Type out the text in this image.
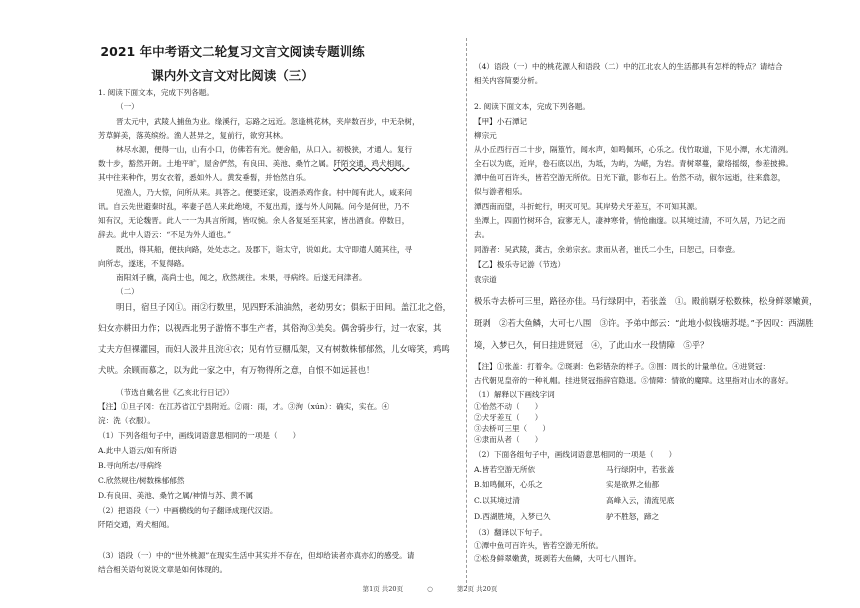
2021 年中考语文二轮复习文言文阅读专题训练
课内外文言文对比阅读（三）
1. 阅读下面文本，完成下列各题。
（一）
晋太元中，武陵人捕鱼为业。缘溪行，忘路之远近。忽逢桃花林，夹岸数百步，中无杂树，
芳草鲜美，落英缤纷。渔人甚异之，复前行，欲穷其林。
林尽水源，便得一山，山有小口，仿佛若有光。便舍船，从口入。初极狭，才通人。复行
数十步，豁然开朗。土地平旷，屋舍俨然，有良田、美池、桑竹之属。阡陌交通，鸡犬相闻。
其中往来种作，男女衣着，悉如外人。黄发垂髫，并怡然自乐。
见渔人，乃大惊，问所从来。具答之。便要还家，设酒杀鸡作食。村中闻有此人，咸来问
讯。自云先世避秦时乱，率妻子邑人来此绝境，不复出焉，遂与外人间隔。问今是何世，乃不
知有汉，无论魏晋。此人一一为具言所闻，皆叹惋。余人各复延至其家，皆出酒食。停数日，
辞去。此中人语云：“不足为外人道也。”
既出，得其船，便扶向路，处处志之。及郡下，诣太守，说如此。太守即遣人随其往，寻
向所志，遂迷，不复得路。
南阳刘子骥，高尚士也，闻之，欣然规往。未果，寻病终。后遂无问津者。
（二）
明日，宿旦子冈①。雨②行数里，见四野禾油油然，老幼男女；俱耘于田间。盖江北之俗，
妇女亦耕田力作；以视西北男子游惰不事生产者，其俗洵③美矣。偶舍骑步行，过一农家，其
丈夫方但裸灌园，而妇人汲井且浣④衣；见有竹豆棚瓜架，又有树数株郁郁然，儿女啼笑，鸡鸣
犬吠。余顾而慕之，以为此一家之中，有万物得所之意，自恨不如远甚也！
（节选自戴名世《乙亥北行日记》）
【注】①旦子冈：在江苏省江宁县附近。②雨：雨，才。③洵（xún）：确实，实在。④
浣：洗（衣服）。
（1）下列各组句子中，画线词语意思相同的一项是（　　）
A.此中人语云/如有所语
B.寻向所志/寻病终
C.欣然规往/树数株郁郁然
D.有良田、美池、桑竹之属/神情与苏、黄不属
（2）把语段（一）中画横线的句子翻译成现代汉语。
阡陌交通，鸡犬相闻。
（3）语段（一）中的“世外桃源”在现实生活中其实并不存在，但却给读者亦真亦幻的感受。请
结合相关语句说说文章是如何体现的。
（4）语段（一）中的桃花源人和语段（二）中的江北农人的生活都具有怎样的特点？请结合
相关内容简要分析。
2. 阅读下面文本，完成下列各题。
【甲】小石潭记
柳宗元
从小丘西行百二十步，隔篁竹，闻水声，如鸣佩环，心乐之。伐竹取道，下见小潭，水尤清洌。
全石以为底，近岸，卷石底以出，为坻，为屿，为嵁，为岩。青树翠蔓，蒙络摇缀，参差披拂。
潭中鱼可百许头，皆若空游无所依。日光下澈，影布石上。佁然不动，俶尔远逝，往来翕忽，
似与游者相乐。
潭西南而望，斗折蛇行，明灭可见。其岸势犬牙差互，不可知其源。
坐潭上，四面竹树环合，寂寥无人，凄神寒骨，悄怆幽邃。以其境过清，不可久居，乃记之而
去。
同游者：吴武陵，龚古，余弟宗玄。隶而从者，崔氏二小生，曰恕己，曰奉壹。
【乙】极乐寺记游（节选）
袁宗道
极乐寺去桥可三里，路径亦佳。马行绿阴中，若张盖　①。殿前剔牙松数株，松身鲜翠嫩黄，
斑剥　②若大鱼鳞，大可七八围　③许。予弟中郎云：“此地小似钱塘苏堤。”予因叹：西湖胜
境，入梦已久，何日挂进贤冠　④，了此山水一段情障　⑤乎？
【注】①张盖：打着伞。②斑剥：色彩错杂的样子。③围：周长的计量单位。④进贤冠：
古代朝见皇帝的一种礼帽。挂进贤冠指辞官隐退。⑤情障：情欲的魔障。这里指对山水的喜好。
（1）解释以下画线字词
①佁然不动（　　）
②犬牙差互（　　）
③去桥可三里（　　）
④隶而从者（　　）
（2）下面各组句子中，画线词语意思相同的一项是（　　）
A.皆若空游无所依	马行绿阴中，若张盖
B.如鸣佩环，心乐之	实是欲界之仙都
C.以其境过清	高峰入云，清流见底
D.西湖胜境，入梦已久	驴不胜怒，蹄之
（3）翻译以下句子。
①潭中鱼可百许头，皆若空游无所依。
②松身鲜翠嫩黄，斑剥若大鱼鳞，大可七八围许。
第1页 共20页	○	第2页 共20页
